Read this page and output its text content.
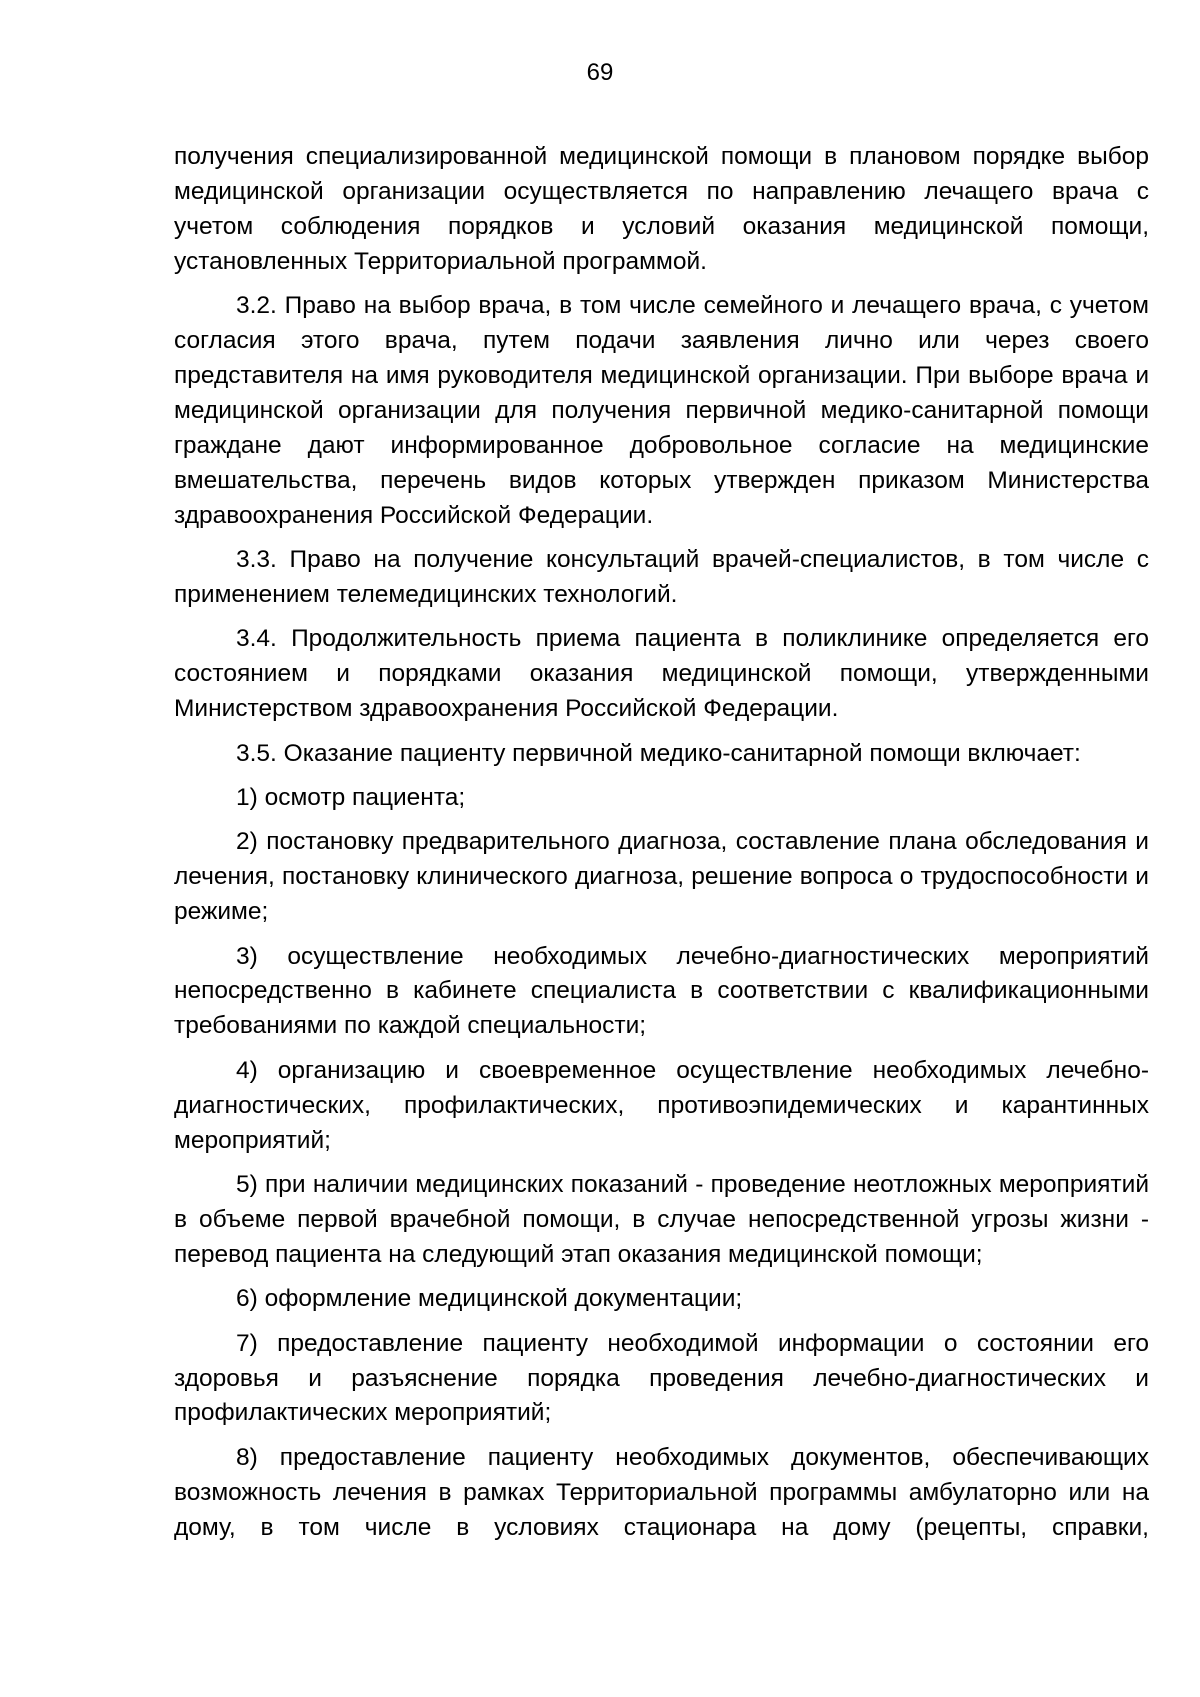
69

получения специализированной медицинской помощи в плановом порядке выбор медицинской организации осуществляется по направлению лечащего врача с учетом соблюдения порядков и условий оказания медицинской помощи, установленных Территориальной программой.

3.2. Право на выбор врача, в том числе семейного и лечащего врача, с учетом согласия этого врача, путем подачи заявления лично или через своего представителя на имя руководителя медицинской организации. При выборе врача и медицинской организации для получения первичной медико-санитарной помощи граждане дают информированное добровольное согласие на медицинские вмешательства, перечень видов которых утвержден приказом Министерства здравоохранения Российской Федерации.

3.3. Право на получение консультаций врачей-специалистов, в том числе с применением телемедицинских технологий.

3.4. Продолжительность приема пациента в поликлинике определяется его состоянием и порядками оказания медицинской помощи, утвержденными Министерством здравоохранения Российской Федерации.

3.5. Оказание пациенту первичной медико-санитарной помощи включает:

1) осмотр пациента;

2) постановку предварительного диагноза, составление плана обследования и лечения, постановку клинического диагноза, решение вопроса о трудоспособности и режиме;

3) осуществление необходимых лечебно-диагностических мероприятий непосредственно в кабинете специалиста в соответствии с квалификационными требованиями по каждой специальности;

4) организацию и своевременное осуществление необходимых лечебно-диагностических, профилактических, противоэпидемических и карантинных мероприятий;

5) при наличии медицинских показаний - проведение неотложных мероприятий в объеме первой врачебной помощи, в случае непосредственной угрозы жизни - перевод пациента на следующий этап оказания медицинской помощи;

6) оформление медицинской документации;

7) предоставление пациенту необходимой информации о состоянии его здоровья и разъяснение порядка проведения лечебно-диагностических и профилактических мероприятий;

8) предоставление пациенту необходимых документов, обеспечивающих возможность лечения в рамках Территориальной программы амбулаторно или на дому, в том числе в условиях стационара на дому (рецепты, справки,
